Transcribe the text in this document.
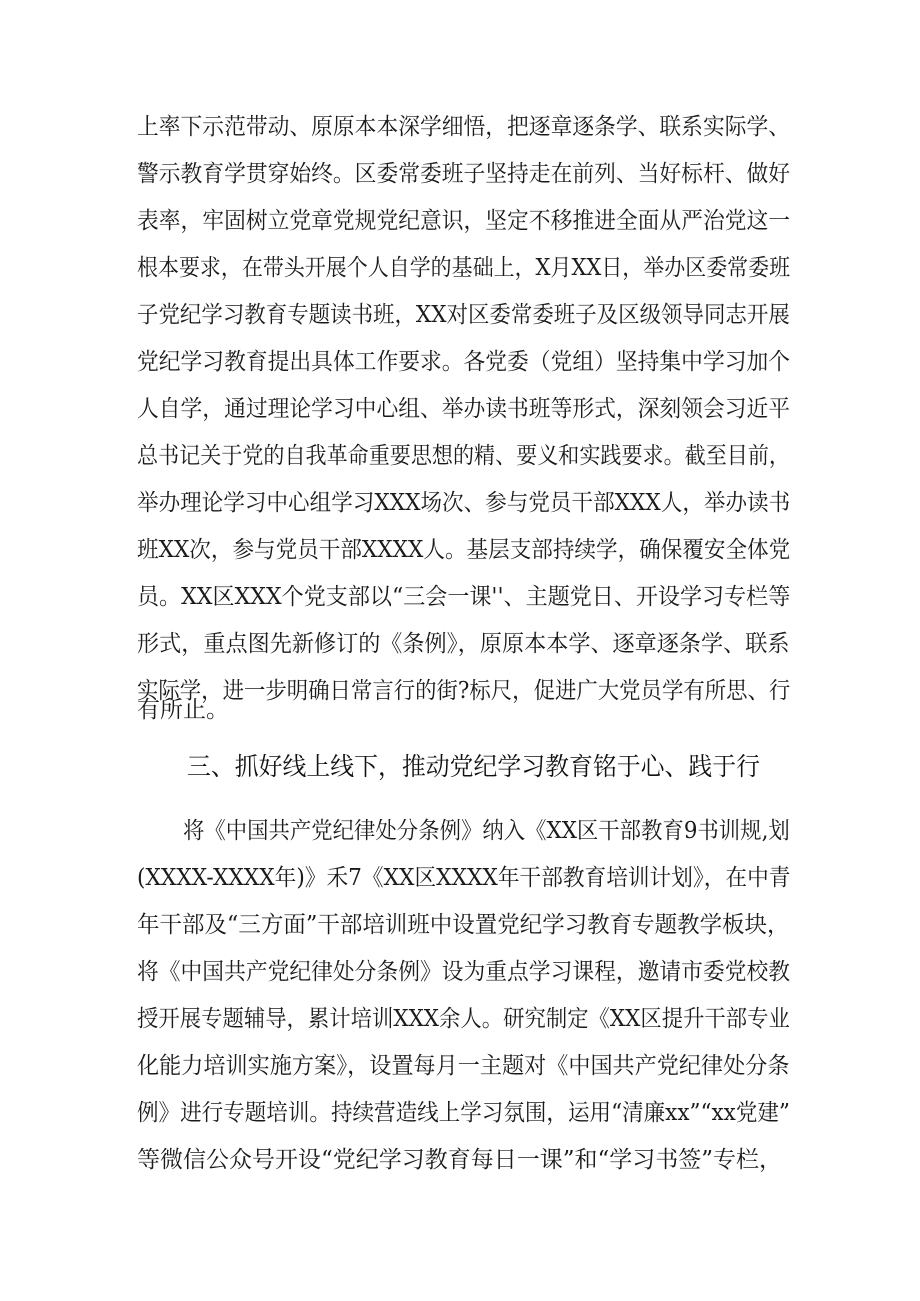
上率下示范带动、原原本本深学细悟，把逐章逐条学、联系实际学、
警示教育学贯穿始终。区委常委班子坚持走在前列、当好标杆、做好
表率，牢固树立党章党规党纪意识，坚定不移推进全面从严治党这一
根本要求，在带头开展个人自学的基础上，X月XX日，举办区委常委班
子党纪学习教育专题读书班，XX对区委常委班子及区级领导同志开展
党纪学习教育提出具体工作要求。各党委（党组）坚持集中学习加个
人自学，通过理论学习中心组、举办读书班等形式，深刻领会习近平
总书记关于党的自我革命重要思想的精、要义和实践要求。截至目前，
举办理论学习中心组学习XXX场次、参与党员干部XXX人，举办读书
班XX次，参与党员干部XXXX人。基层支部持续学，确保覆安全体党
员。XX区XXX个党支部以“三会一课''、主题党日、开设学习专栏等
形式，重点图先新修订的《条例》，原原本本学、逐章逐条学、联系
实际学，进一步明确日常言行的街?标尺，促进广大党员学有所思、行
有所止。
三、抓好线上线下，推动党纪学习教育铭于心、践于行
将《中国共产党纪律处分条例》纳入《XX区干部教育9书训规,划
(XXXX-XXXX年)》禾7《XX区XXXX年干部教育培训计划》，在中青
年干部及“三方面”干部培训班中设置党纪学习教育专题教学板块，
将《中国共产党纪律处分条例》设为重点学习课程，邀请市委党校教
授开展专题辅导，累计培训XXX余人。研究制定《XX区提升干部专业
化能力培训实施方案》，设置每月一主题对《中国共产党纪律处分条
例》进行专题培训。持续营造线上学习氛围，运用“清廉xx”“xx党建”
等微信公众号开设“党纪学习教育每日一课”和“学习书签”专栏，
